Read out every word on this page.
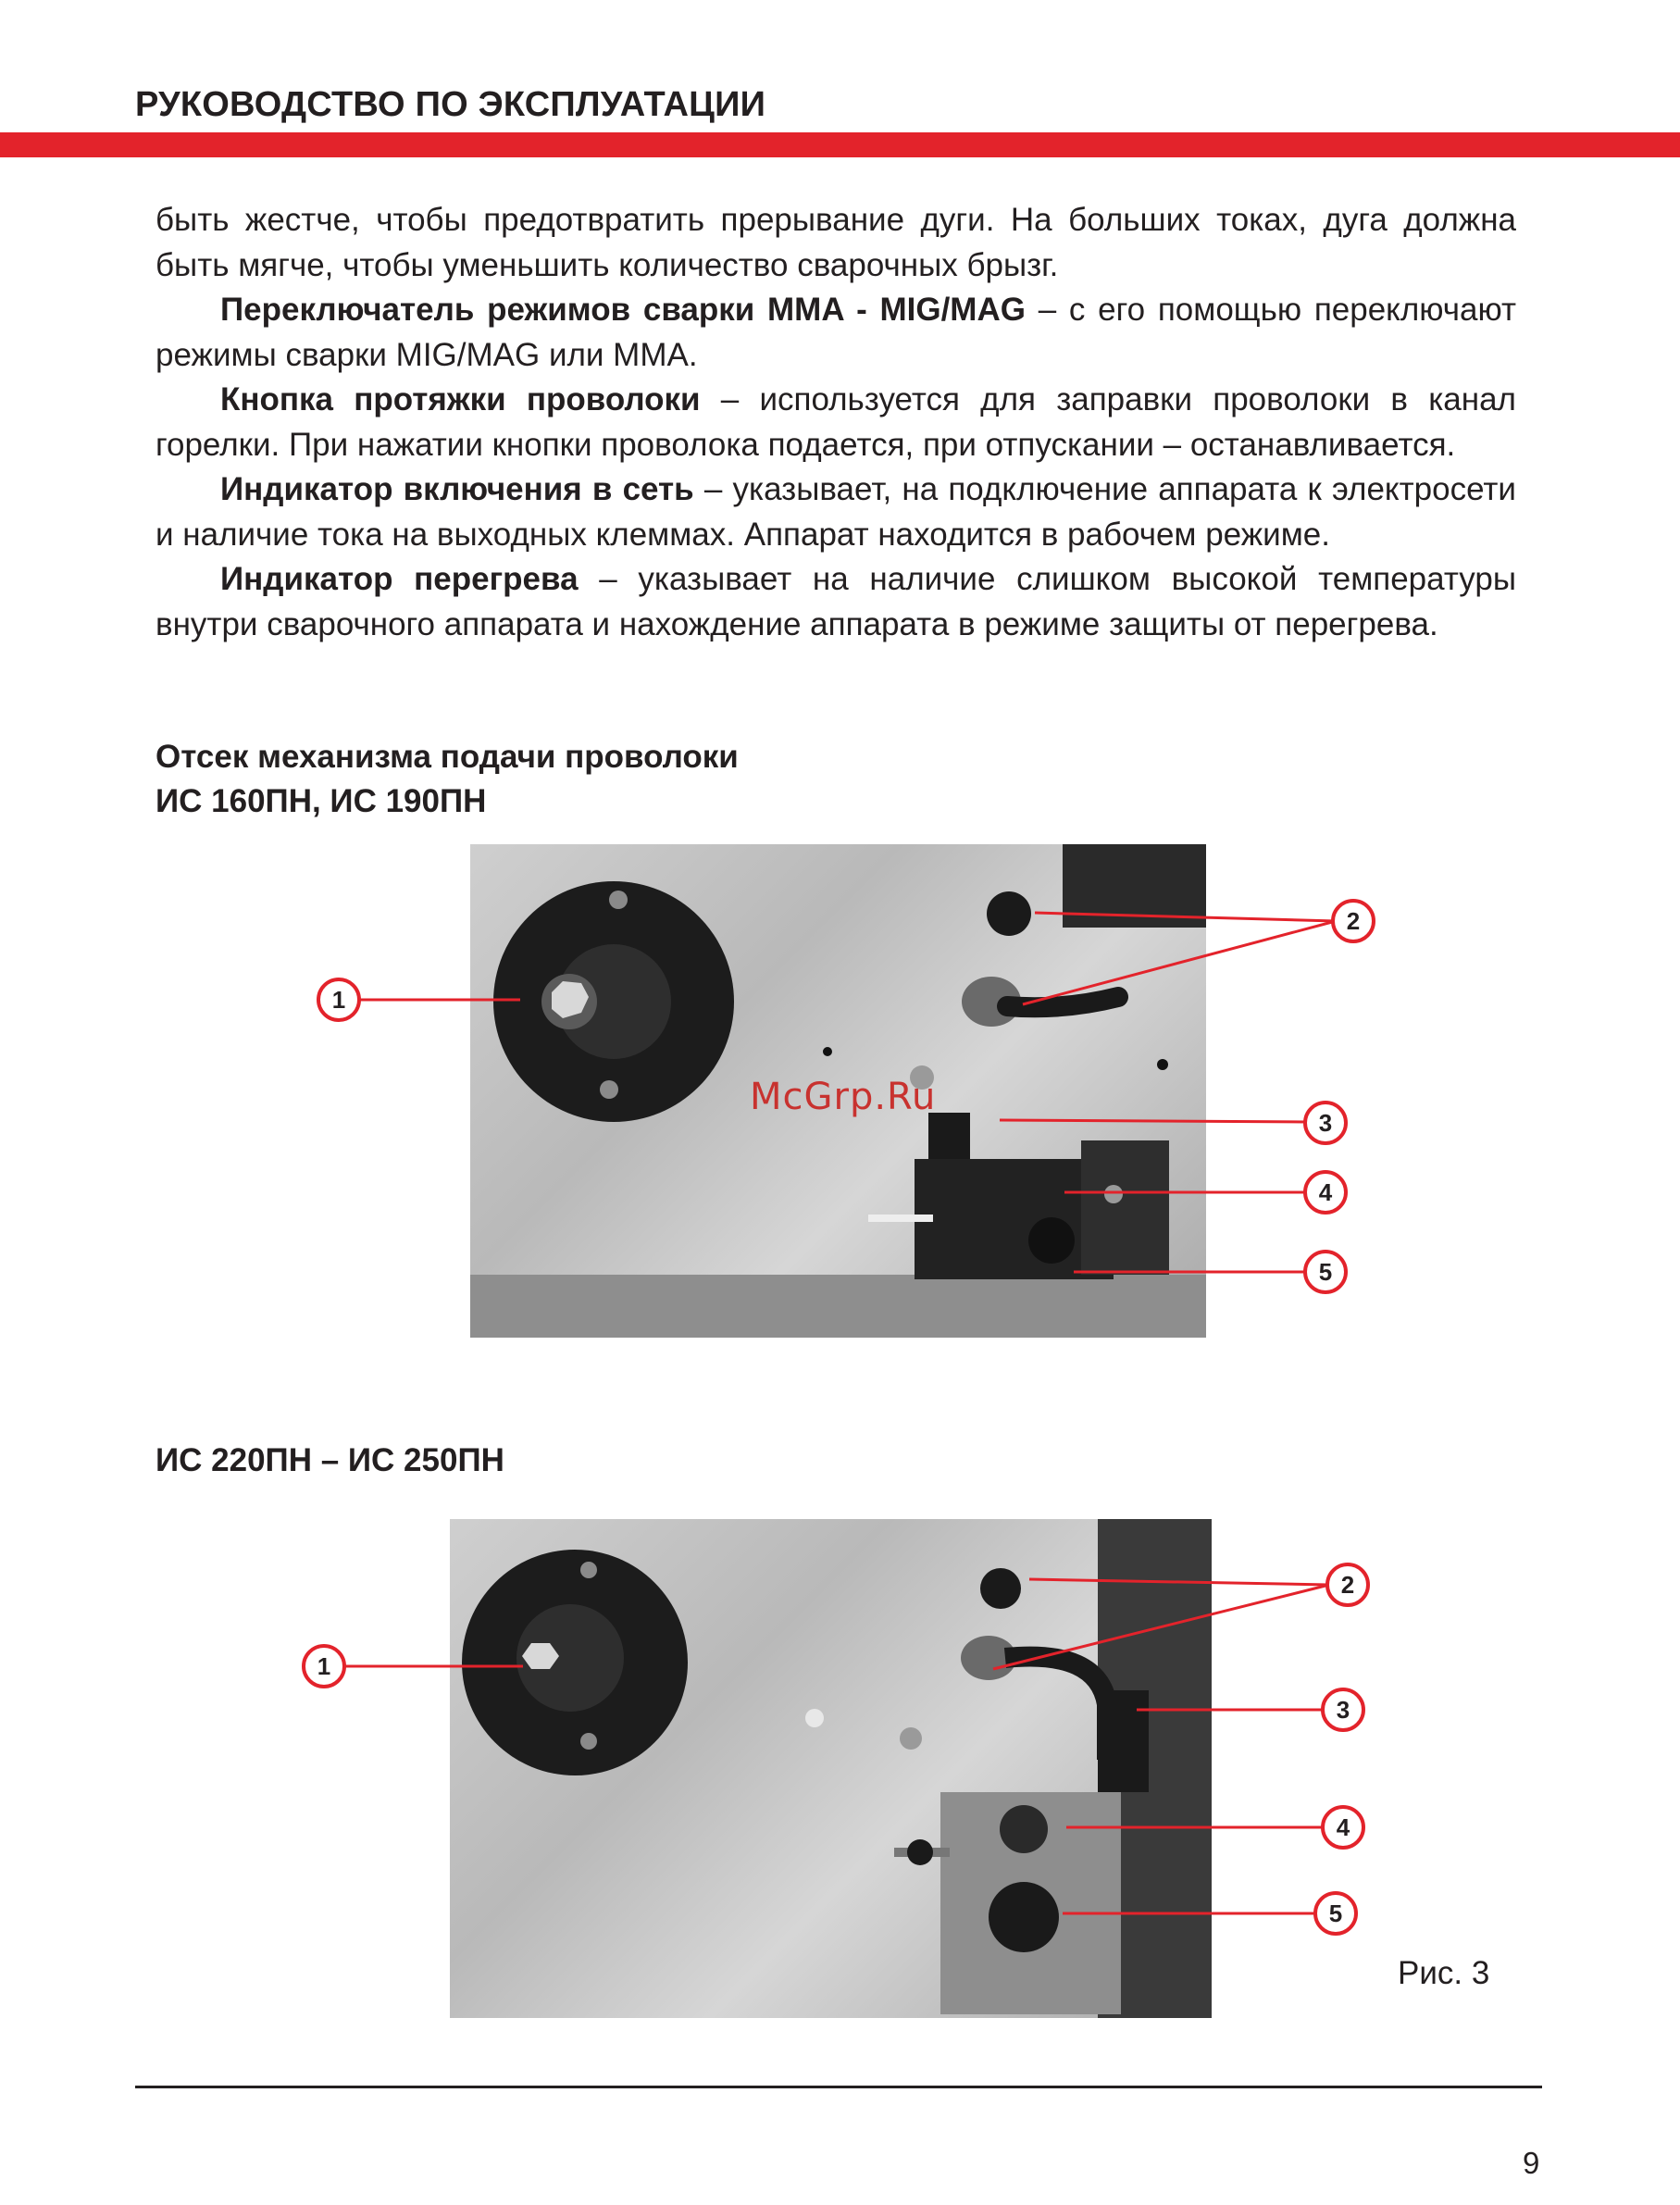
РУКОВОДСТВО ПО ЭКСПЛУАТАЦИИ

быть жестче, чтобы предотвратить прерывание дуги. На больших токах, дуга должна быть мягче, чтобы уменьшить количество сварочных брызг.

Переключатель режимов сварки MMA - MIG/MAG – с его помощью переключают режимы сварки MIG/MAG или MMA.

Кнопка протяжки проволоки – используется для заправки проволоки в канал горелки. При нажатии кнопки проволока подается, при отпускании – останавливается.

Индикатор включения в сеть – указывает, на подключение аппарата к электросети и наличие тока на выходных клеммах. Аппарат находится в рабочем режиме.

Индикатор перегрева – указывает на наличие слишком высокой температуры внутри сварочного аппарата и нахождение аппарата в режиме защиты от перегрева.

Отсек механизма подачи проволоки
ИС 160ПН, ИС 190ПН
1
2
3
4
5
McGrp.Ru
ИС 220ПН – ИС 250ПН
1
2
3
4
5
Рис. 3
9
